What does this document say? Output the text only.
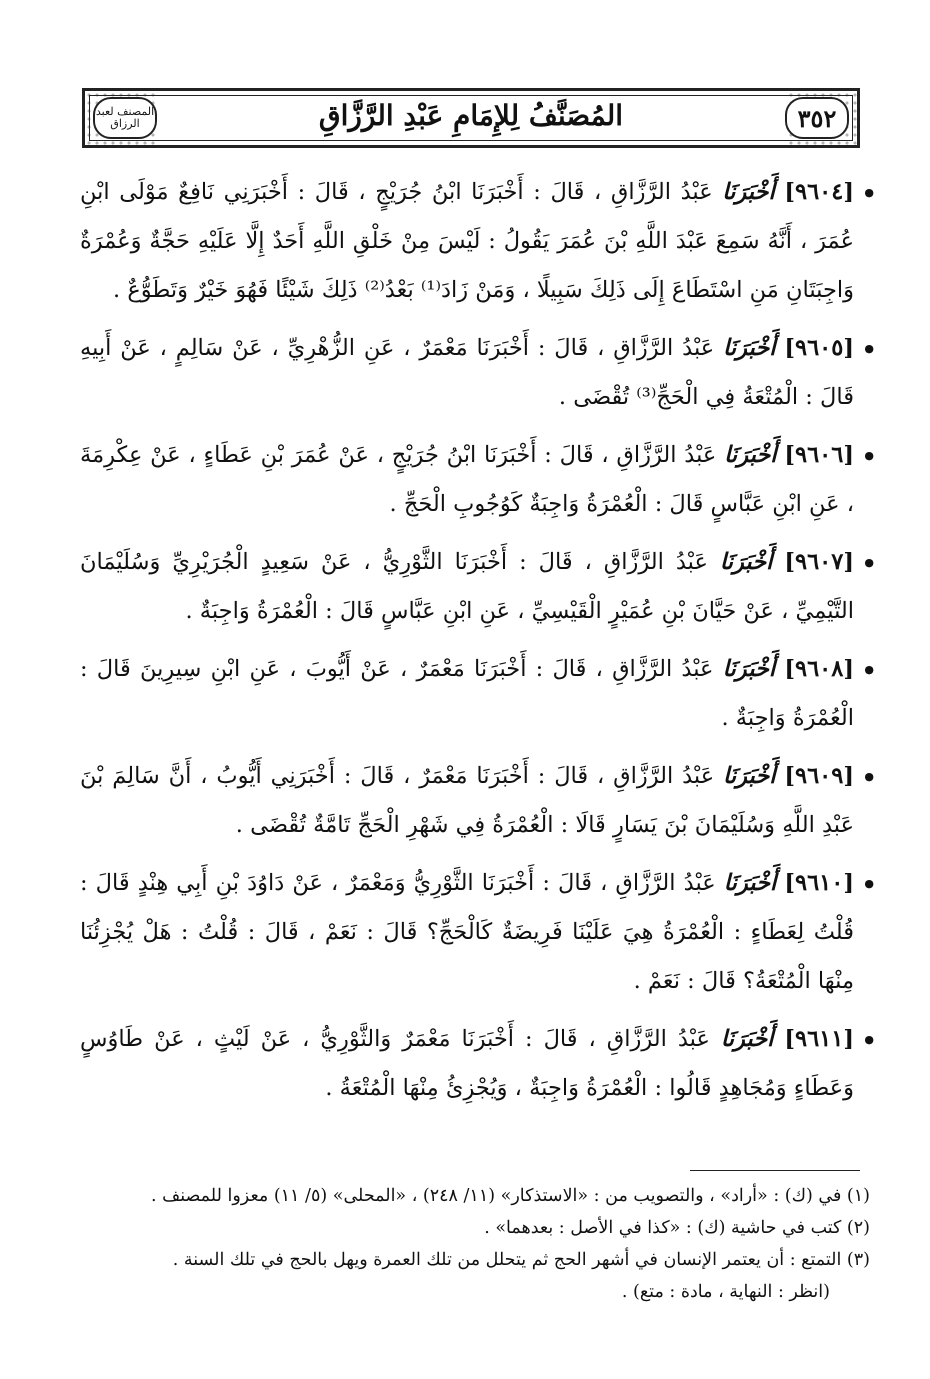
المصنف لعبد الرزاق	المُصَنَّفُ لِلإِمَامِ عَبْدِ الرَّزَّاقِ	٣٥٢
● [٩٦٠٤] أَخْبَرَنَا عَبْدُ الرَّزَّاقِ ، قَالَ : أَخْبَرَنَا ابْنُ جُرَيْجٍ ، قَالَ : أَخْبَرَنِي نَافِعٌ مَوْلَى ابْنِ عُمَرَ ، أَنَّهُ سَمِعَ عَبْدَ اللَّهِ بْنَ عُمَرَ يَقُولُ : لَيْسَ مِنْ خَلْقِ اللَّهِ أَحَدٌ إِلَّا عَلَيْهِ حَجَّةٌ وَعُمْرَةٌ وَاجِبَتَانِ مَنِ اسْتَطَاعَ إِلَى ذَلِكَ سَبِيلًا ، وَمَنْ زَادَ⁽¹⁾ بَعْدُ⁽²⁾ ذَلِكَ شَيْئًا فَهُوَ خَيْرٌ وَتَطَوُّعٌ .
● [٩٦٠٥] أَخْبَرَنَا عَبْدُ الرَّزَّاقِ ، قَالَ : أَخْبَرَنَا مَعْمَرٌ ، عَنِ الزُّهْرِيِّ ، عَنْ سَالِمٍ ، عَنْ أَبِيهِ قَالَ : الْمُتْعَةُ فِي الْحَجِّ⁽³⁾ تُقْضَى .
● [٩٦٠٦] أَخْبَرَنَا عَبْدُ الرَّزَّاقِ ، قَالَ : أَخْبَرَنَا ابْنُ جُرَيْجٍ ، عَنْ عُمَرَ بْنِ عَطَاءٍ ، عَنْ عِكْرِمَةَ ، عَنِ ابْنِ عَبَّاسٍ قَالَ : الْعُمْرَةُ وَاجِبَةٌ كَوُجُوبِ الْحَجِّ .
● [٩٦٠٧] أَخْبَرَنَا عَبْدُ الرَّزَّاقِ ، قَالَ : أَخْبَرَنَا الثَّوْرِيُّ ، عَنْ سَعِيدٍ الْجُرَيْرِيِّ وَسُلَيْمَانَ التَّيْمِيِّ ، عَنْ حَيَّانَ بْنِ عُمَيْرٍ الْقَيْسِيِّ ، عَنِ ابْنِ عَبَّاسٍ قَالَ : الْعُمْرَةُ وَاجِبَةٌ .
● [٩٦٠٨] أَخْبَرَنَا عَبْدُ الرَّزَّاقِ ، قَالَ : أَخْبَرَنَا مَعْمَرٌ ، عَنْ أَيُّوبَ ، عَنِ ابْنِ سِيرِينَ قَالَ : الْعُمْرَةُ وَاجِبَةٌ .
● [٩٦٠٩] أَخْبَرَنَا عَبْدُ الرَّزَّاقِ ، قَالَ : أَخْبَرَنَا مَعْمَرٌ ، قَالَ : أَخْبَرَنِي أَيُّوبُ ، أَنَّ سَالِمَ بْنَ عَبْدِ اللَّهِ وَسُلَيْمَانَ بْنَ يَسَارٍ قَالَا : الْعُمْرَةُ فِي شَهْرِ الْحَجِّ تَامَّةٌ تُقْضَى .
● [٩٦١٠] أَخْبَرَنَا عَبْدُ الرَّزَّاقِ ، قَالَ : أَخْبَرَنَا الثَّوْرِيُّ وَمَعْمَرٌ ، عَنْ دَاوُدَ بْنِ أَبِي هِنْدٍ قَالَ : قُلْتُ لِعَطَاءٍ : الْعُمْرَةُ هِيَ عَلَيْنَا فَرِيضَةٌ كَالْحَجِّ؟ قَالَ : نَعَمْ ، قَالَ : قُلْتُ : هَلْ يُجْزِئُنَا مِنْهَا الْمُتْعَةُ؟ قَالَ : نَعَمْ .
● [٩٦١١] أَخْبَرَنَا عَبْدُ الرَّزَّاقِ ، قَالَ : أَخْبَرَنَا مَعْمَرٌ وَالثَّوْرِيُّ ، عَنْ لَيْثٍ ، عَنْ طَاوُسٍ وَعَطَاءٍ وَمُجَاهِدٍ قَالُوا : الْعُمْرَةُ وَاجِبَةٌ ، وَيُجْزِئُ مِنْهَا الْمُتْعَةُ .

(١) في (ك) : «أراد» ، والتصويب من : «الاستذكار» (١١/ ٢٤٨) ، «المحلى» (٥/ ١١) معزوا للمصنف .

(٢) كتب في حاشية (ك) : «كذا في الأصل : بعدهما» .

(٣) التمتع : أن يعتمر الإنسان في أشهر الحج ثم يتحلل من تلك العمرة ويهل بالحج في تلك السنة .

(انظر : النهاية ، مادة : متع) .
